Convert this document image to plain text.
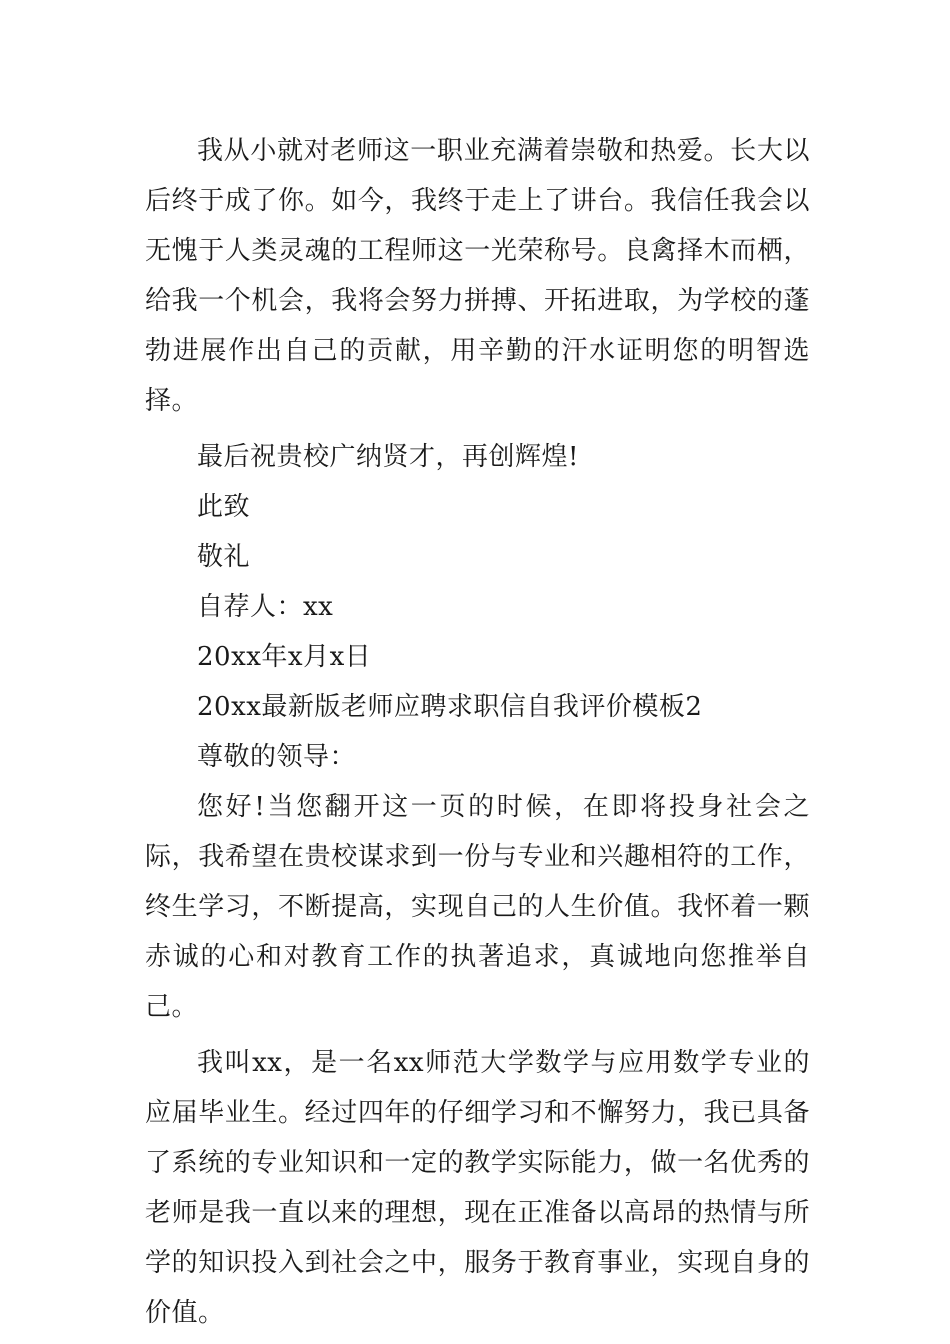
我从小就对老师这一职业充满着崇敬和热爱。长大以后终于成了你。如今，我终于走上了讲台。我信任我会以无愧于人类灵魂的工程师这一光荣称号。良禽择木而栖，给我一个机会，我将会努力拼搏、开拓进取，为学校的蓬勃进展作出自己的贡献，用辛勤的汗水证明您的明智选择。

最后祝贵校广纳贤才，再创辉煌!

此致

敬礼

自荐人：xx

20xx年x月x日

20xx最新版老师应聘求职信自我评价模板2

尊敬的领导：

您好!当您翻开这一页的时候，在即将投身社会之际，我希望在贵校谋求到一份与专业和兴趣相符的工作，终生学习，不断提高，实现自己的人生价值。我怀着一颗赤诚的心和对教育工作的执著追求，真诚地向您推举自己。

我叫xx，是一名xx师范大学数学与应用数学专业的应届毕业生。经过四年的仔细学习和不懈努力，我已具备了系统的专业知识和一定的教学实际能力，做一名优秀的老师是我一直以来的理想，现在正准备以高昂的热情与所学的知识投入到社会之中，服务于教育事业，实现自身的价值。
